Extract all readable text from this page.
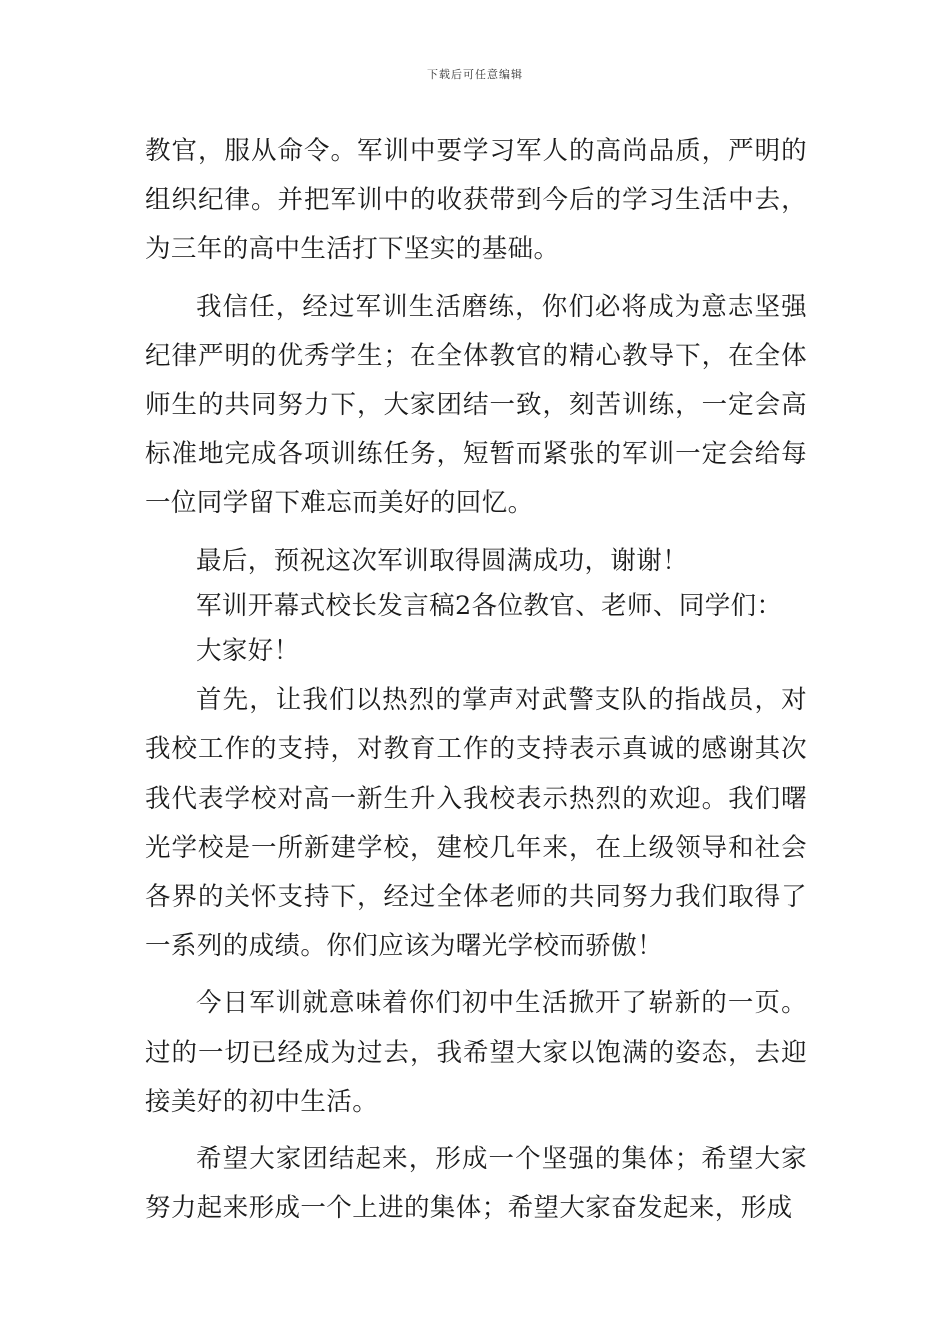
下载后可任意编辑

教官，服从命令。军训中要学习军人的高尚品质，严明的组织纪律。并把军训中的收获带到今后的学习生活中去，为三年的高中生活打下坚实的基础。

我信任，经过军训生活磨练，你们必将成为意志坚强纪律严明的优秀学生；在全体教官的精心教导下，在全体师生的共同努力下，大家团结一致，刻苦训练，一定会高标准地完成各项训练任务，短暂而紧张的军训一定会给每一位同学留下难忘而美好的回忆。

最后，预祝这次军训取得圆满成功，谢谢！

军训开幕式校长发言稿2各位教官、老师、同学们：

大家好！

首先，让我们以热烈的掌声对武警支队的指战员，对我校工作的支持，对教育工作的支持表示真诚的感谢其次我代表学校对高一新生升入我校表示热烈的欢迎。我们曙光学校是一所新建学校，建校几年来，在上级领导和社会各界的关怀支持下，经过全体老师的共同努力我们取得了一系列的成绩。你们应该为曙光学校而骄傲！

今日军训就意味着你们初中生活掀开了崭新的一页。过的一切已经成为过去，我希望大家以饱满的姿态，去迎接美好的初中生活。

希望大家团结起来，形成一个坚强的集体；希望大家努力起来形成一个上进的集体；希望大家奋发起来，形成
